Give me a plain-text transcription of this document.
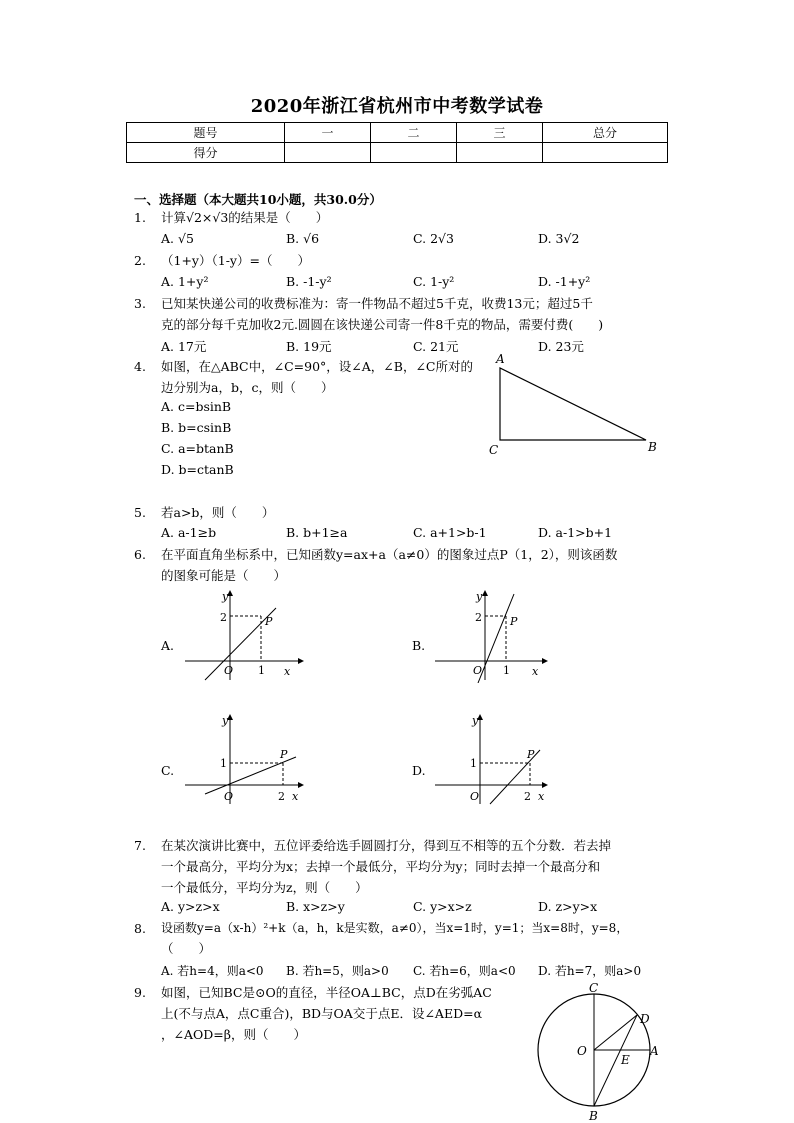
2020年浙江省杭州市中考数学试卷
题号	一	二	三	总分
得分				
一、选择题（本大题共10小题，共30.0分）
1. 计算√2×√3的结果是（　　）
A. √5	B. √6	C. 2√3	D. 3√2
2. （1+y）（1-y）=（　　）
A. 1+y²	B. -1-y²	C. 1-y²	D. -1+y²
3. 已知某快递公司的收费标准为：寄一件物品不超过5千克，收费13元；超过5千
克的部分每千克加收2元.圆圆在该快递公司寄一件8千克的物品，需要付费(　　)
A. 17元	B. 19元	C. 21元	D. 23元
4. 如图，在△ABC中，∠C=90°，设∠A，∠B，∠C所对的
边分别为a，b，c，则（　　）
A. c=bsinB
B. b=csinB
C. a=btanB
D. b=ctanB
A
C	B
5. 若a>b，则（　　）
A. a-1≥b	B. b+1≥a	C. a+1>b-1	D. a-1>b+1
6. 在平面直角坐标系中，已知函数y=ax+a（a≠0）的图象过点P（1，2），则该函数
的图象可能是（　　）
A.
y
x
O
2
1
P
B.
y
x
O
2
1
P
C.
y
x
O
1
2
P
D.
y
x
O
1
2
P
7. 在某次演讲比赛中，五位评委给选手圆圆打分，得到互不相等的五个分数．若去掉
一个最高分，平均分为x；去掉一个最低分，平均分为y；同时去掉一个最高分和
一个最低分，平均分为z，则（　　）
A. y>z>x	B. x>z>y	C. y>x>z	D. z>y>x
8. 设函数y=a（x-h）²+k（a，h，k是实数，a≠0），当x=1时，y=1；当x=8时，y=8，
（　　）
A. 若h=4，则a<0 B. 若h=5，则a>0 C. 若h=6，则a<0 D. 若h=7，则a>0
9. 如图，已知BC是⊙O的直径，半径OA⊥BC，点D在劣弧AC
上(不与点A，点C重合)，BD与OA交于点E．设∠AED=α
，∠AOD=β，则（　　）
C
D
O
E
A
B
